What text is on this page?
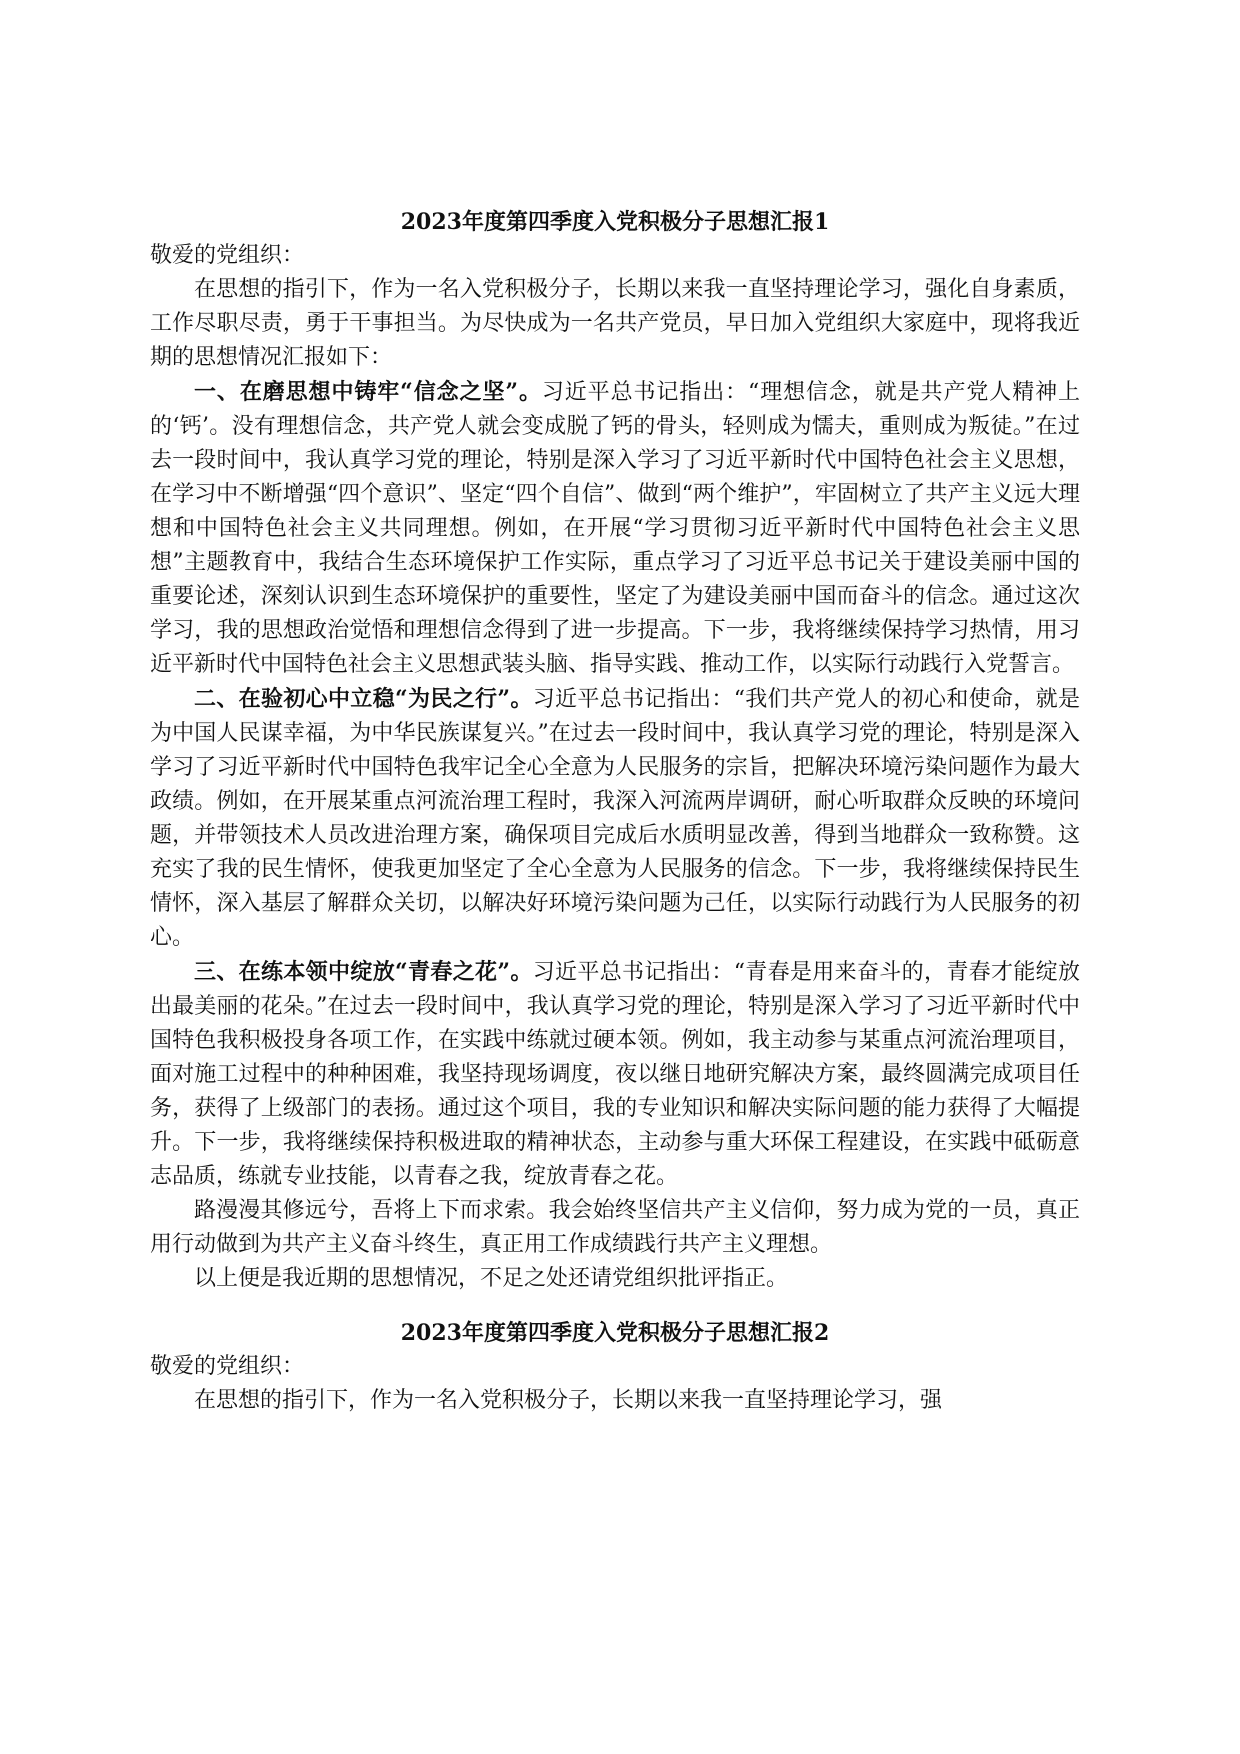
2023年度第四季度入党积极分子思想汇报1

敬爱的党组织：

在思想的指引下，作为一名入党积极分子，长期以来我一直坚持理论学习，强化自身素质，工作尽职尽责，勇于干事担当。为尽快成为一名共产党员，早日加入党组织大家庭中，现将我近期的思想情况汇报如下：

一、在磨思想中铸牢“信念之坚”。习近平总书记指出：“理想信念，就是共产党人精神上的‘钙’。没有理想信念，共产党人就会变成脱了钙的骨头，轻则成为懦夫，重则成为叛徒。”在过去一段时间中，我认真学习党的理论，特别是深入学习了习近平新时代中国特色社会主义思想，在学习中不断增强“四个意识”、坚定“四个自信”、做到“两个维护”，牢固树立了共产主义远大理想和中国特色社会主义共同理想。例如，在开展“学习贯彻习近平新时代中国特色社会主义思想”主题教育中，我结合生态环境保护工作实际，重点学习了习近平总书记关于建设美丽中国的重要论述，深刻认识到生态环境保护的重要性，坚定了为建设美丽中国而奋斗的信念。通过这次学习，我的思想政治觉悟和理想信念得到了进一步提高。下一步，我将继续保持学习热情，用习近平新时代中国特色社会主义思想武装头脑、指导实践、推动工作，以实际行动践行入党誓言。

二、在验初心中立稳“为民之行”。习近平总书记指出：“我们共产党人的初心和使命，就是为中国人民谋幸福，为中华民族谋复兴。”在过去一段时间中，我认真学习党的理论，特别是深入学习了习近平新时代中国特色我牢记全心全意为人民服务的宗旨，把解决环境污染问题作为最大政绩。例如，在开展某重点河流治理工程时，我深入河流两岸调研，耐心听取群众反映的环境问题，并带领技术人员改进治理方案，确保项目完成后水质明显改善，得到当地群众一致称赞。这充实了我的民生情怀，使我更加坚定了全心全意为人民服务的信念。下一步，我将继续保持民生情怀，深入基层了解群众关切，以解决好环境污染问题为己任，以实际行动践行为人民服务的初心。

三、在练本领中绽放“青春之花”。习近平总书记指出：“青春是用来奋斗的，青春才能绽放出最美丽的花朵。”在过去一段时间中，我认真学习党的理论，特别是深入学习了习近平新时代中国特色我积极投身各项工作，在实践中练就过硬本领。例如，我主动参与某重点河流治理项目，面对施工过程中的种种困难，我坚持现场调度，夜以继日地研究解决方案，最终圆满完成项目任务，获得了上级部门的表扬。通过这个项目，我的专业知识和解决实际问题的能力获得了大幅提升。下一步，我将继续保持积极进取的精神状态，主动参与重大环保工程建设，在实践中砥砺意志品质，练就专业技能，以青春之我，绽放青春之花。

路漫漫其修远兮，吾将上下而求索。我会始终坚信共产主义信仰，努力成为党的一员，真正用行动做到为共产主义奋斗终生，真正用工作成绩践行共产主义理想。

以上便是我近期的思想情况，不足之处还请党组织批评指正。

2023年度第四季度入党积极分子思想汇报2

敬爱的党组织：

在思想的指引下，作为一名入党积极分子，长期以来我一直坚持理论学习，强
